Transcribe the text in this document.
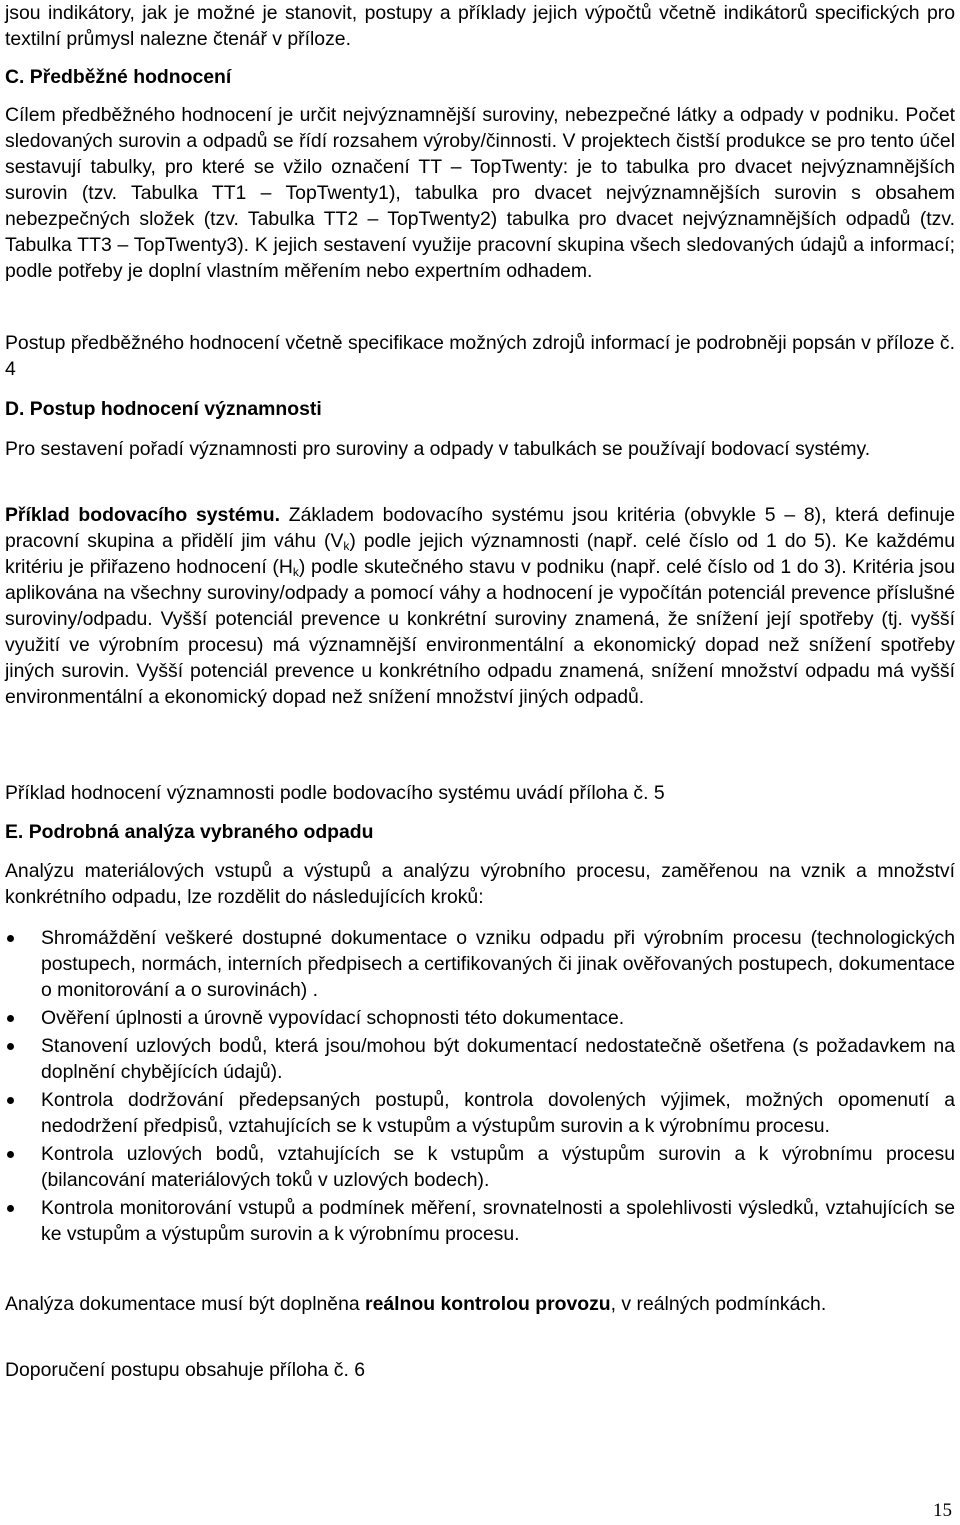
jsou indikátory, jak je možné je stanovit, postupy a příklady jejich výpočtů včetně indikátorů specifických pro textilní průmysl nalezne čtenář v příloze.

C. Předběžné hodnocení

Cílem předběžného hodnocení je určit nejvýznamnější suroviny, nebezpečné látky a odpady v podniku. Počet sledovaných surovin a odpadů se řídí rozsahem výroby/činnosti. V projektech čistší produkce se pro tento účel sestavují tabulky, pro které se vžilo označení TT – TopTwenty: je to tabulka pro dvacet nejvýznamnějších surovin (tzv. Tabulka TT1 – TopTwenty1), tabulka pro dvacet nejvýznamnějších surovin s obsahem nebezpečných složek (tzv. Tabulka TT2 – TopTwenty2) tabulka pro dvacet nejvýznamnějších odpadů (tzv. Tabulka TT3 – TopTwenty3). K jejich sestavení využije pracovní skupina všech sledovaných údajů a informací; podle potřeby je doplní vlastním měřením nebo expertním odhadem.

Postup předběžného hodnocení včetně specifikace možných zdrojů informací je podrobněji popsán v příloze č. 4

D. Postup hodnocení významnosti

Pro sestavení pořadí významnosti pro suroviny a odpady v tabulkách se používají bodovací systémy.

Příklad bodovacího systému. Základem bodovacího systému jsou kritéria (obvykle 5 – 8), která definuje pracovní skupina a přidělí jim váhu $(V_k)$ podle jejich významnosti (např. celé číslo od 1 do 5). Ke každému kritériu je přiřazeno hodnocení $(H_k)$ podle skutečného stavu v podniku (např. celé číslo od 1 do 3). Kritéria jsou aplikována na všechny suroviny/odpady a pomocí váhy a hodnocení je vypočítán potenciál prevence příslušné suroviny/odpadu. Vyšší potenciál prevence u konkrétní suroviny znamená, že snížení její spotřeby (tj. vyšší využití ve výrobním procesu) má významnější environmentální a ekonomický dopad než snížení spotřeby jiných surovin. Vyšší potenciál prevence u konkrétního odpadu znamená, snížení množství odpadu má vyšší environmentální a ekonomický dopad než snížení množství jiných odpadů.

Příklad hodnocení významnosti podle bodovacího systému uvádí příloha č. 5

E. Podrobná analýza vybraného odpadu

Analýzu materiálových vstupů a výstupů a analýzu výrobního procesu, zaměřenou na vznik a množství konkrétního odpadu, lze rozdělit do následujících kroků:

Shromáždění veškeré dostupné dokumentace o vzniku odpadu při výrobním procesu (technologických postupech, normách, interních předpisech a certifikovaných či jinak ověřovaných postupech, dokumentace o monitorování a o surovinách) .
Ověření úplnosti a úrovně vypovídací schopnosti této dokumentace.
Stanovení uzlových bodů, která jsou/mohou být dokumentací nedostatečně ošetřena (s požadavkem na doplnění chybějících údajů).
Kontrola dodržování předepsaných postupů, kontrola dovolených výjimek, možných opomenutí a nedodržení předpisů, vztahujících se k vstupům a výstupům surovin a k výrobnímu procesu.
Kontrola uzlových bodů, vztahujících se k vstupům a výstupům surovin a k výrobnímu procesu (bilancování materiálových toků v uzlových bodech).
Kontrola monitorování vstupů a podmínek měření, srovnatelnosti a spolehlivosti výsledků, vztahujících se ke vstupům a výstupům surovin a k výrobnímu procesu.

Analýza dokumentace musí být doplněna reálnou kontrolou provozu, v reálných podmínkách.

Doporučení postupu obsahuje příloha č. 6

15
